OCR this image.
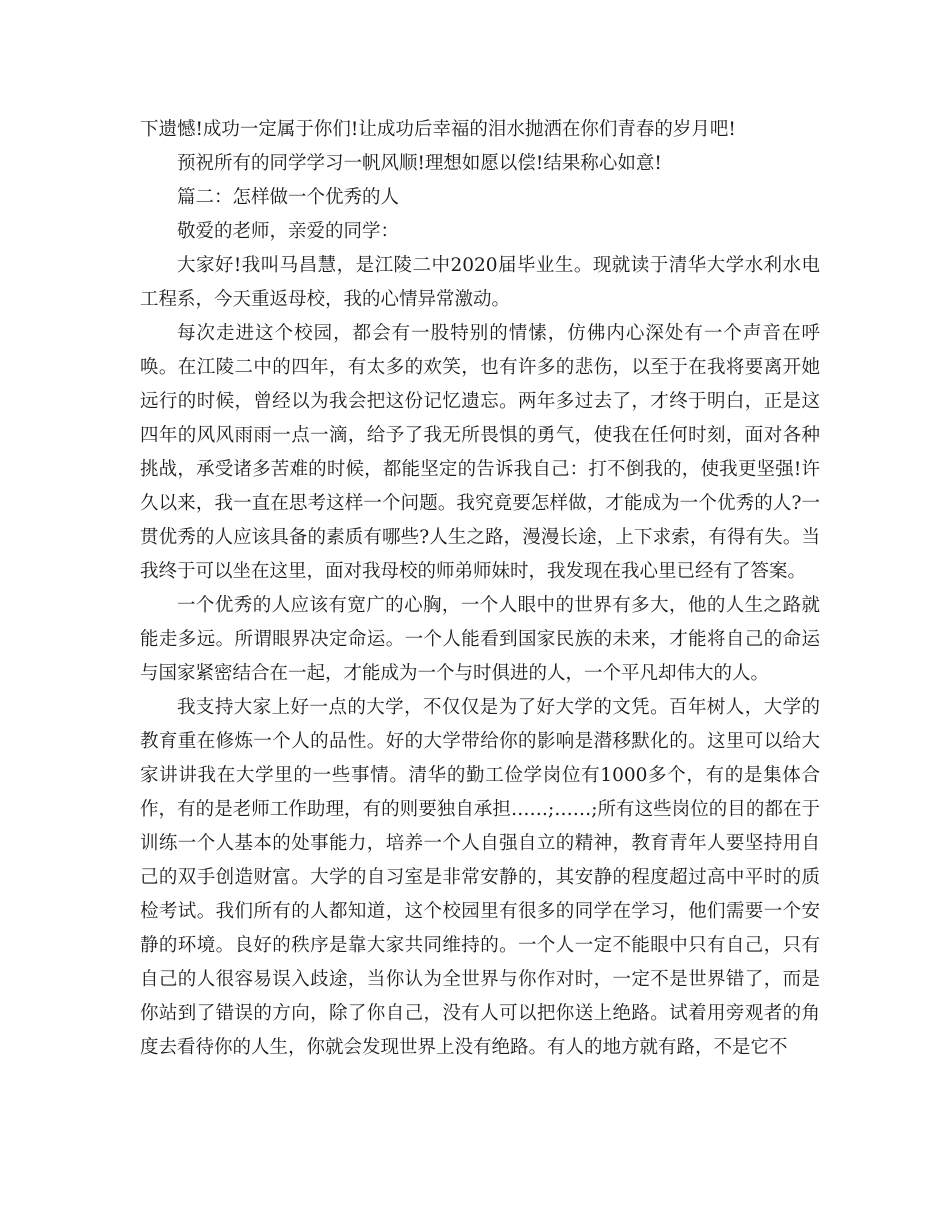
下遗憾!成功一定属于你们!让成功后幸福的泪水抛洒在你们青春的岁月吧!

预祝所有的同学学习一帆风顺!理想如愿以偿!结果称心如意!

篇二：怎样做一个优秀的人

敬爱的老师，亲爱的同学：

大家好!我叫马昌慧，是江陵二中2020届毕业生。现就读于清华大学水利水电工程系，今天重返母校，我的心情异常激动。

每次走进这个校园，都会有一股特别的情愫，仿佛内心深处有一个声音在呼唤。在江陵二中的四年，有太多的欢笑，也有许多的悲伤，以至于在我将要离开她远行的时候，曾经以为我会把这份记忆遗忘。两年多过去了，才终于明白，正是这四年的风风雨雨一点一滴，给予了我无所畏惧的勇气，使我在任何时刻，面对各种挑战，承受诸多苦难的时候，都能坚定的告诉我自己：打不倒我的，使我更坚强!许久以来，我一直在思考这样一个问题。我究竟要怎样做，才能成为一个优秀的人?一贯优秀的人应该具备的素质有哪些?人生之路，漫漫长途，上下求索，有得有失。当我终于可以坐在这里，面对我母校的师弟师妹时，我发现在我心里已经有了答案。

一个优秀的人应该有宽广的心胸，一个人眼中的世界有多大，他的人生之路就能走多远。所谓眼界决定命运。一个人能看到国家民族的未来，才能将自己的命运与国家紧密结合在一起，才能成为一个与时俱进的人，一个平凡却伟大的人。

我支持大家上好一点的大学，不仅仅是为了好大学的文凭。百年树人，大学的教育重在修炼一个人的品性。好的大学带给你的影响是潜移默化的。这里可以给大家讲讲我在大学里的一些事情。清华的勤工俭学岗位有1000多个，有的是集体合作，有的是老师工作助理，有的则要独自承担……;……;所有这些岗位的目的都在于训练一个人基本的处事能力，培养一个人自强自立的精神，教育青年人要坚持用自己的双手创造财富。大学的自习室是非常安静的，其安静的程度超过高中平时的质检考试。我们所有的人都知道，这个校园里有很多的同学在学习，他们需要一个安静的环境。良好的秩序是靠大家共同维持的。一个人一定不能眼中只有自己，只有自己的人很容易误入歧途，当你认为全世界与你作对时，一定不是世界错了，而是你站到了错误的方向，除了你自己，没有人可以把你送上绝路。试着用旁观者的角度去看待你的人生，你就会发现世界上没有绝路。有人的地方就有路，不是它不
